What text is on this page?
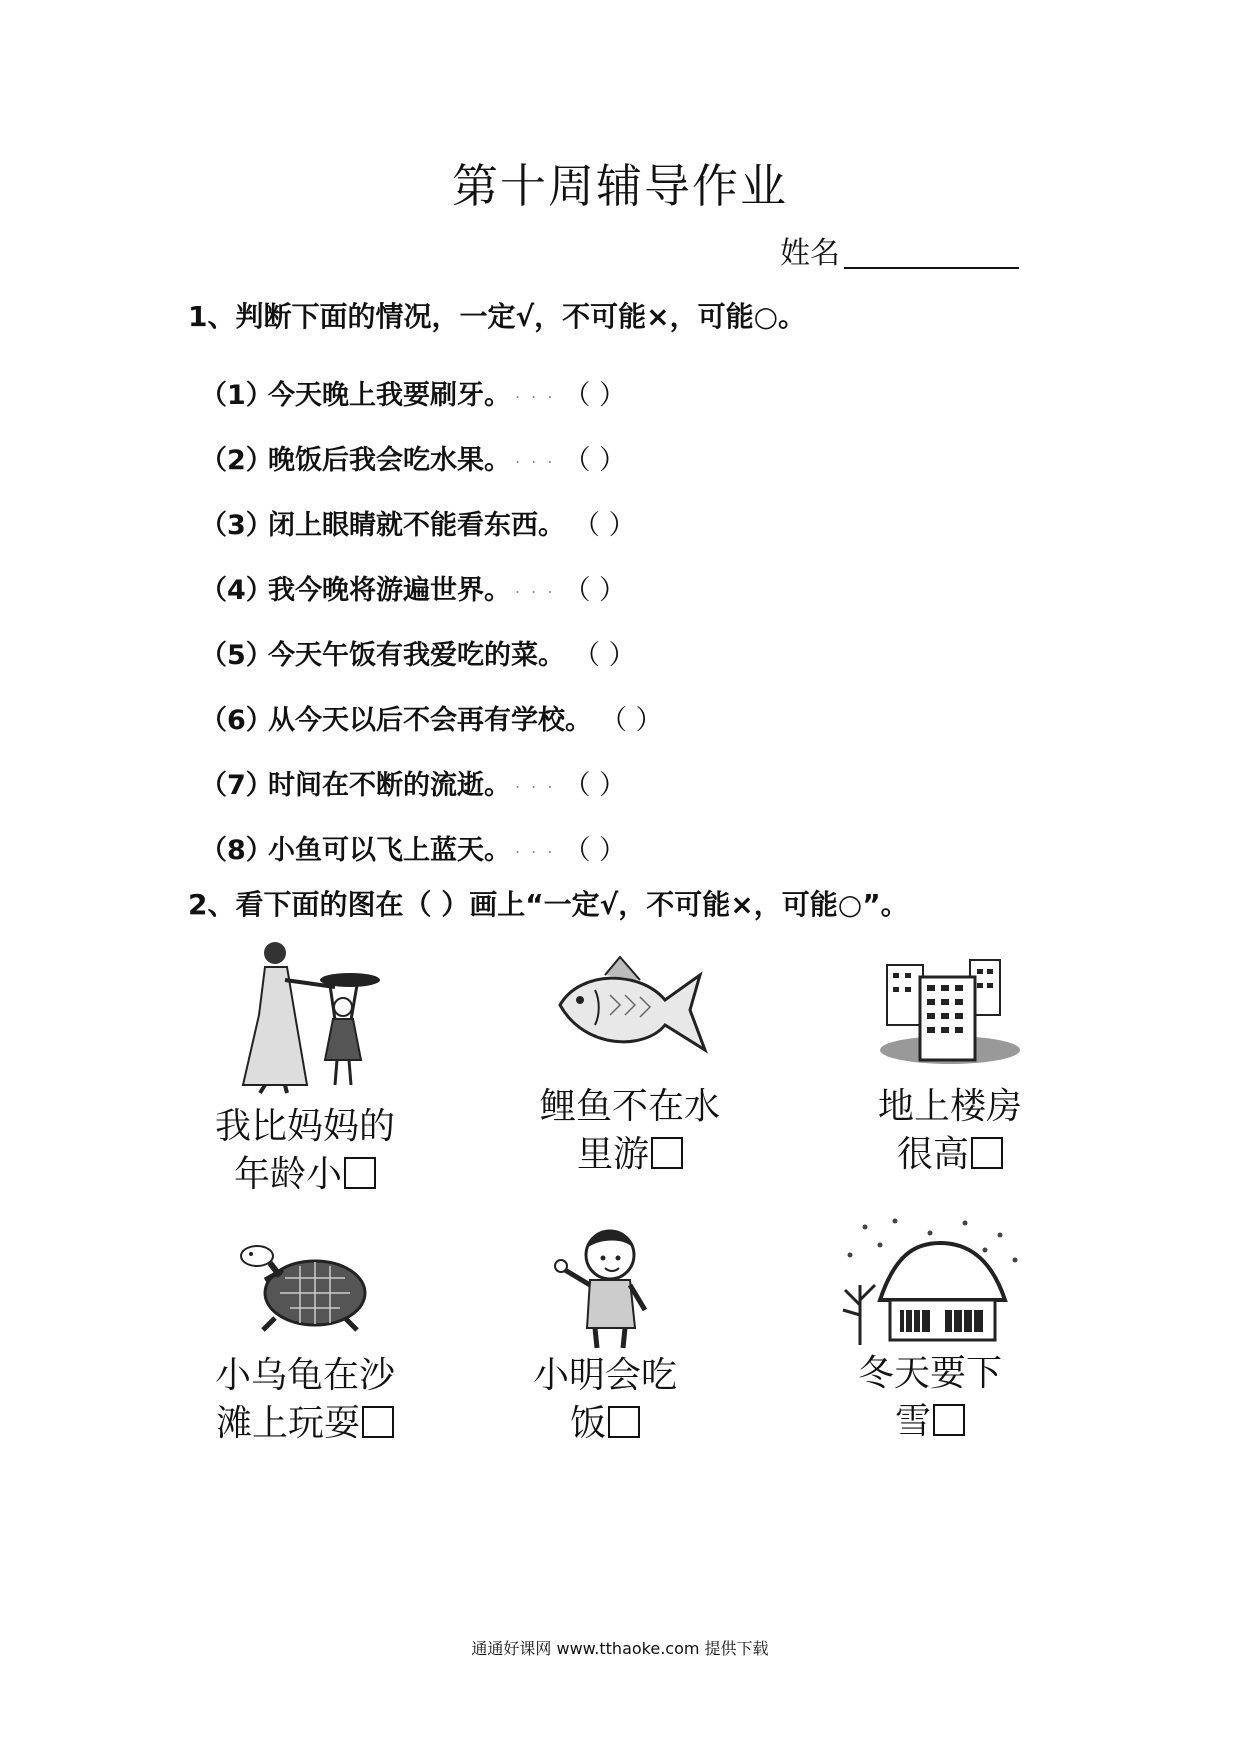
第十周辅导作业
姓名
1、判断下面的情况，一定√，不可能×，可能○。
（1）
今天晚上我要刷牙。 . . . （ ）
（2）
晚饭后我会吃水果。 . . . （ ）
（3）
闭上眼睛就不能看东西。 （ ）
（4）
我今晚将游遍世界。 . . . （ ）
（5）
今天午饭有我爱吃的菜。 （ ）
（6）
从今天以后不会再有学校。 （ ）
（7）
时间在不断的流逝。 . . . （ ）
（8）
小鱼可以飞上蓝天。 . . . （ ）
2、看下面的图在（ ）画上“一定√，不可能×，可能○”。
我比妈妈的
年龄小
鲤鱼不在水
里游
地上楼房
很高
小乌龟在沙
滩上玩耍
小明会吃
饭
冬天要下
雪
通通好课网 www.tthaoke.com 提供下载
